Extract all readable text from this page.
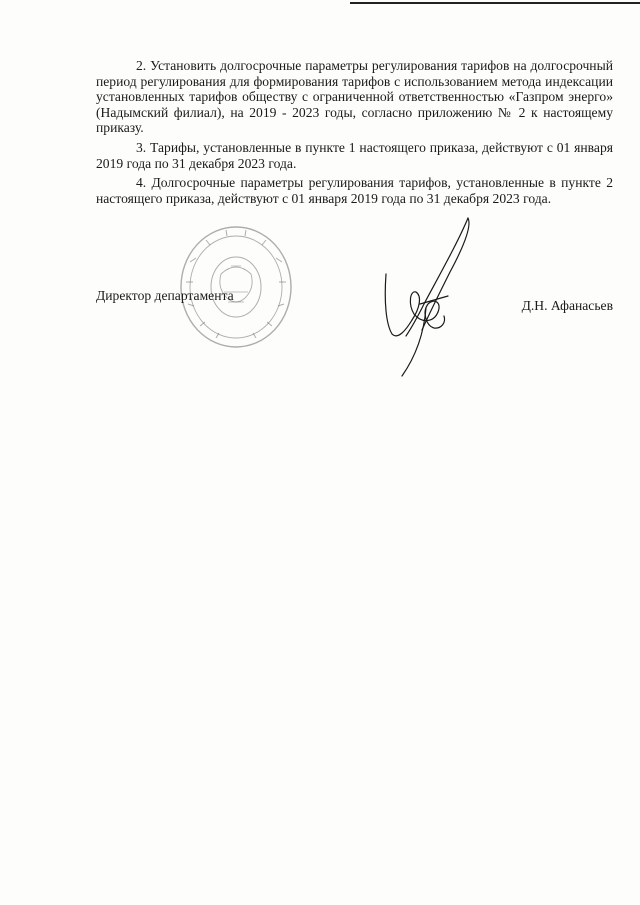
2. Установить долгосрочные параметры регулирования тарифов на долгосрочный период регулирования для формирования тарифов с использованием метода индексации установленных тарифов обществу с ограниченной ответственностью «Газпром энерго» (Надымский филиал), на 2019 - 2023 годы, согласно приложению № 2 к настоящему приказу.

3. Тарифы, установленные в пункте 1 настоящего приказа, действуют с 01 января 2019 года по 31 декабря 2023 года.

4. Долгосрочные параметры регулирования тарифов, установленные в пункте 2 настоящего приказа, действуют с 01 января 2019 года по 31 декабря 2023 года.

Директор департамента
Д.Н. Афанасьев
